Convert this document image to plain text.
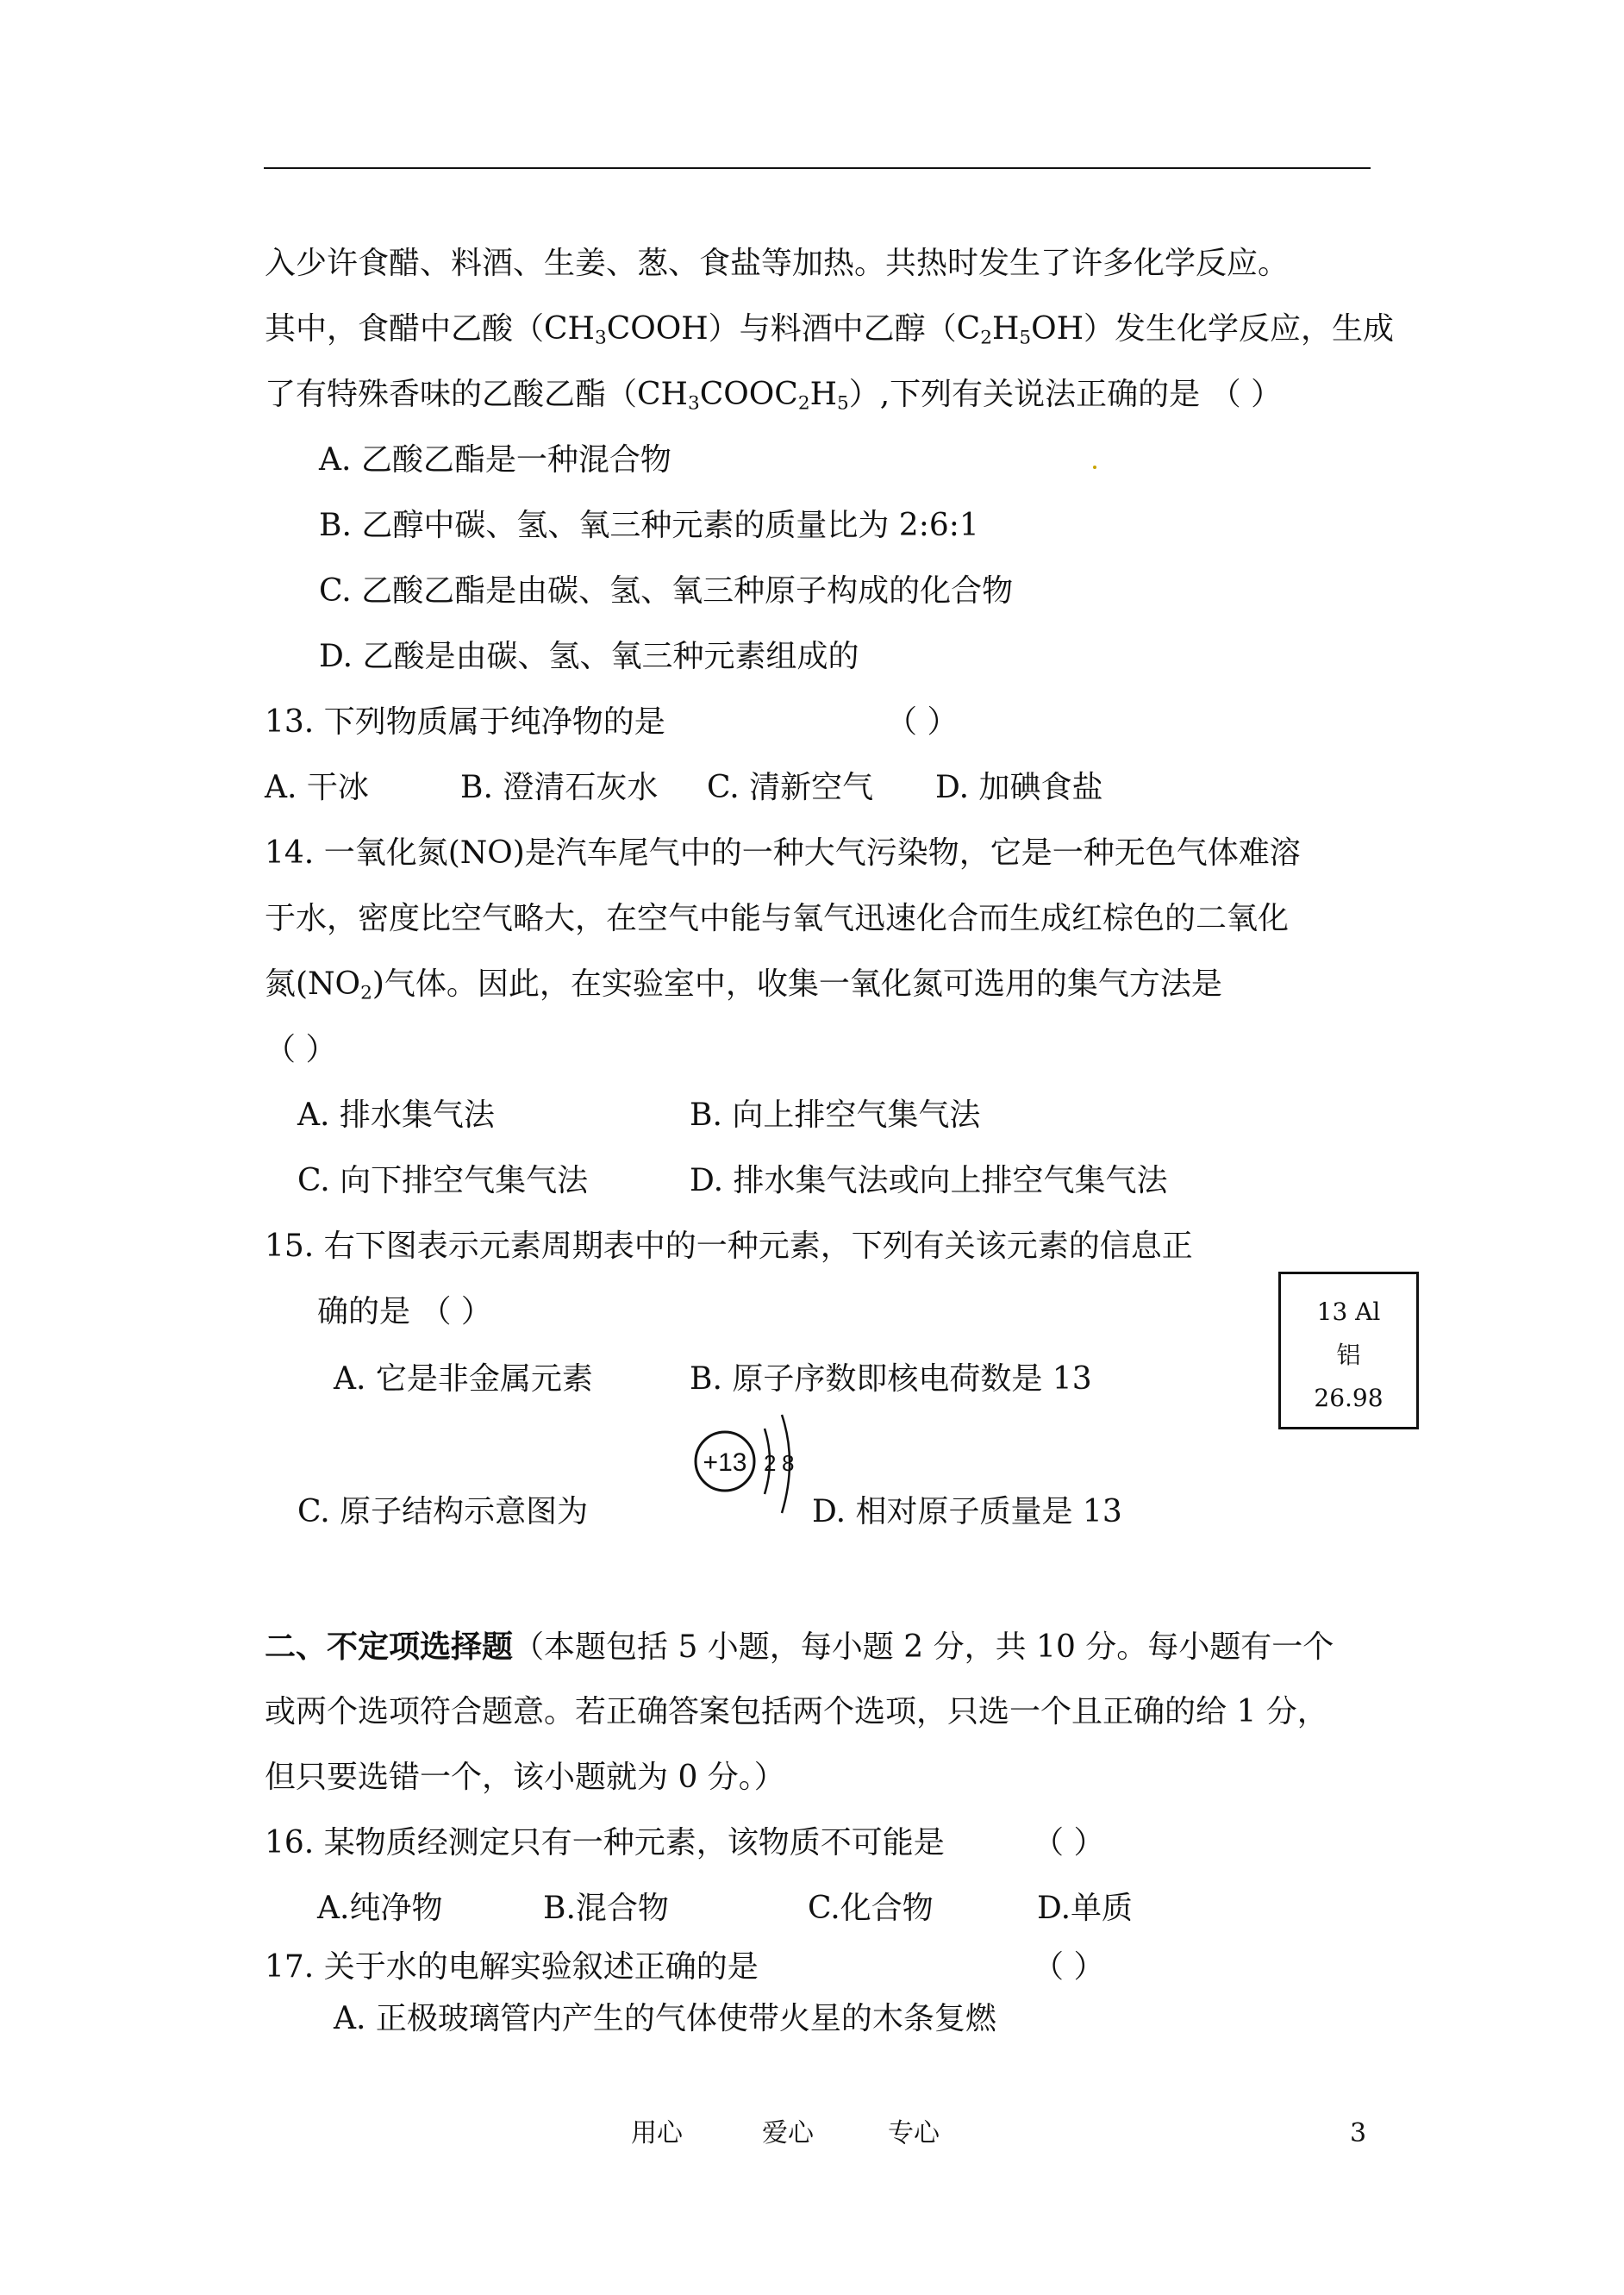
入少许食醋、料酒、生姜、葱、食盐等加热。共热时发生了许多化学反应。
其中，食醋中乙酸$(CH_3COOH)$与料酒中乙醇$(C_2H_5OH)$发生化学反应，生成
了有特殊香味的乙酸乙酯$(CH_3COOC_2H_5)$,下列有关说法正确的是 （ ）
A. 乙酸乙酯是一种混合物
B. 乙醇中碳、氢、氧三种元素的质量比为 2:6:1
C. 乙酸乙酯是由碳、氢、氧三种原子构成的化合物
D. 乙酸是由碳、氢、氧三种元素组成的
13. 下列物质属于纯净物的是	（ ）
A. 干冰	B. 澄清石灰水 C. 清新空气 D. 加碘食盐
14. 一氧化氮(NO)是汽车尾气中的一种大气污染物，它是一种无色气体难溶
于水，密度比空气略大，在空气中能与氧气迅速化合而生成红棕色的二氧化
氮$(NO_2)$气体。因此，在实验室中，收集一氧化氮可选用的集气方法是
（ ）
A. 排水集气法	B. 向上排空气集气法
C. 向下排空气集气法	D. 排水集气法或向上排空气集气法
15. 右下图表示元素周期表中的一种元素，下列有关该元素的信息正
确的是 （ ）
A. 它是非金属元素	B. 原子序数即核电荷数是 13
C. 原子结构示意图为
+13 2 8
D. 相对原子质量是 13
13 Al
铝
26.98
二、不定项选择题（本题包括 5 小题，每小题 2 分，共 10 分。每小题有一个
或两个选项符合题意。若正确答案包括两个选项，只选一个且正确的给 1 分，
但只要选错一个，该小题就为 0 分。）
16. 某物质经测定只有一种元素，该物质不可能是	（ ）
A.纯净物	B.混合物	C.化合物	D.单质
17. 关于水的电解实验叙述正确的是	（ ）
A. 正极玻璃管内产生的气体使带火星的木条复燃
用心	爱心	专心	3
